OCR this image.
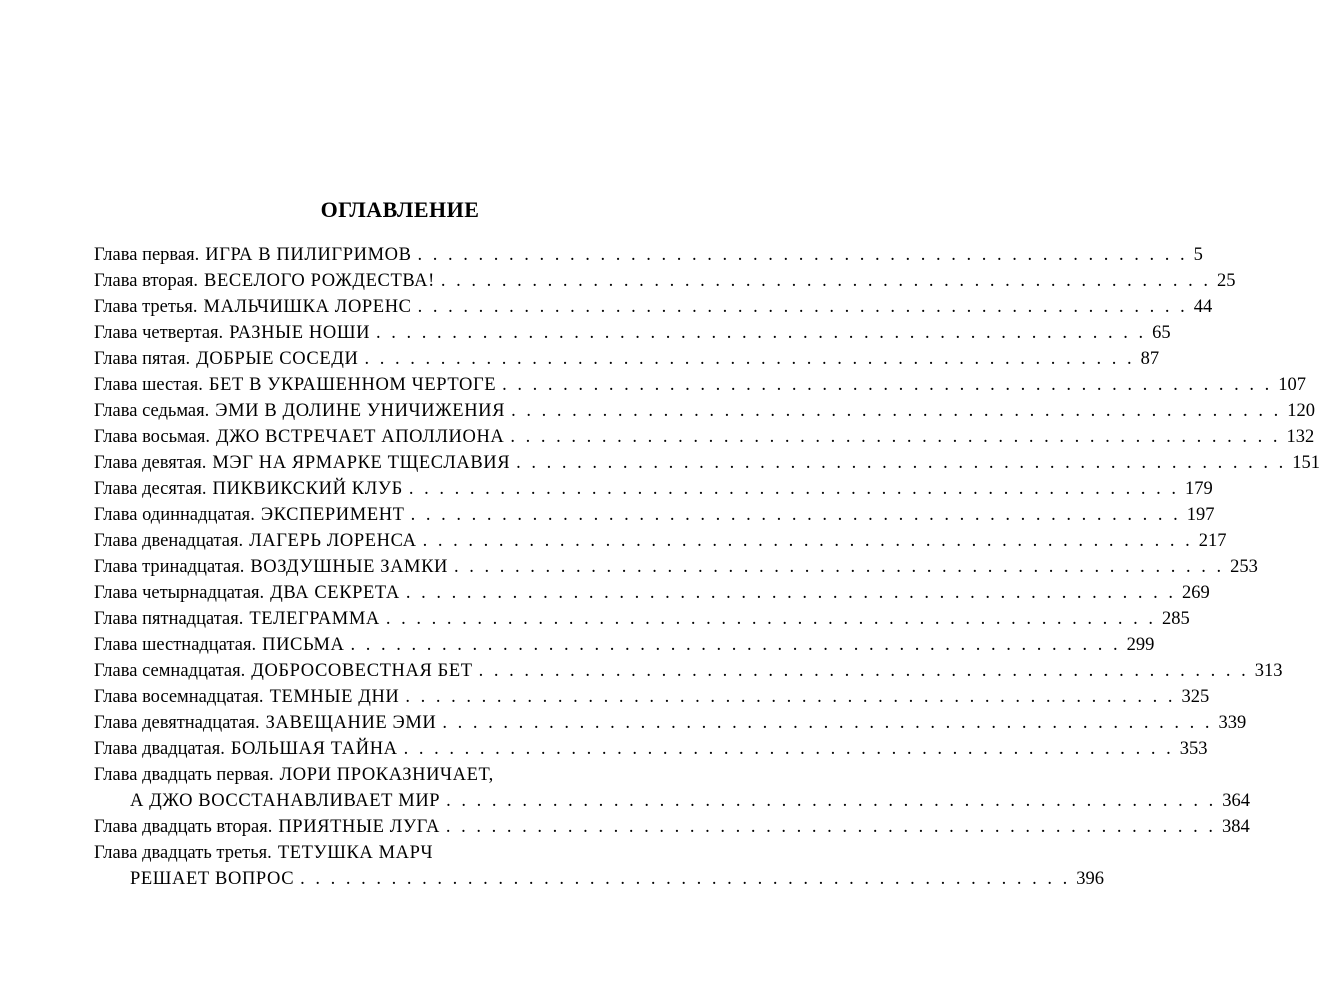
ОГЛАВЛЕНИЕ
Глава первая. ИГРА В ПИЛИГРИМОВ . . . . . . . . . . . . . . . . . . . . . . . . . . . . . . . . . . . . . . . . . . . . . . . . . . . 5
Глава вторая. ВЕСЕЛОГО РОЖДЕСТВА! . . . . . . . . . . . . . . . . . . . . . . . . . . . . . . . . . . . . . . . . . . . . . . . . . . . 25
Глава третья. МАЛЬЧИШКА ЛОРЕНС . . . . . . . . . . . . . . . . . . . . . . . . . . . . . . . . . . . . . . . . . . . . . . . . . . . 44
Глава четвертая. РАЗНЫЕ НОШИ . . . . . . . . . . . . . . . . . . . . . . . . . . . . . . . . . . . . . . . . . . . . . . . . . . . 65
Глава пятая. ДОБРЫЕ СОСЕДИ . . . . . . . . . . . . . . . . . . . . . . . . . . . . . . . . . . . . . . . . . . . . . . . . . . . 87
Глава шестая. БЕТ В УКРАШЕННОМ ЧЕРТОГЕ . . . . . . . . . . . . . . . . . . . . . . . . . . . . . . . . . . . . . . . . . . . . . . . . . . . 107
Глава седьмая. ЭМИ В ДОЛИНЕ УНИЧИЖЕНИЯ . . . . . . . . . . . . . . . . . . . . . . . . . . . . . . . . . . . . . . . . . . . . . . . . . . . 120
Глава восьмая. ДЖО ВСТРЕЧАЕТ АПОЛЛИОНА . . . . . . . . . . . . . . . . . . . . . . . . . . . . . . . . . . . . . . . . . . . . . . . . . . . 132
Глава девятая. МЭГ НА ЯРМАРКЕ ТЩЕСЛАВИЯ . . . . . . . . . . . . . . . . . . . . . . . . . . . . . . . . . . . . . . . . . . . . . . . . . . . 151
Глава десятая. ПИКВИКСКИЙ КЛУБ . . . . . . . . . . . . . . . . . . . . . . . . . . . . . . . . . . . . . . . . . . . . . . . . . . . 179
Глава одиннадцатая. ЭКСПЕРИМЕНТ . . . . . . . . . . . . . . . . . . . . . . . . . . . . . . . . . . . . . . . . . . . . . . . . . . . 197
Глава двенадцатая. ЛАГЕРЬ ЛОРЕНСА . . . . . . . . . . . . . . . . . . . . . . . . . . . . . . . . . . . . . . . . . . . . . . . . . . . 217
Глава тринадцатая. ВОЗДУШНЫЕ ЗАМКИ . . . . . . . . . . . . . . . . . . . . . . . . . . . . . . . . . . . . . . . . . . . . . . . . . . . 253
Глава четырнадцатая. ДВА СЕКРЕТА . . . . . . . . . . . . . . . . . . . . . . . . . . . . . . . . . . . . . . . . . . . . . . . . . . . 269
Глава пятнадцатая. ТЕЛЕГРАММА . . . . . . . . . . . . . . . . . . . . . . . . . . . . . . . . . . . . . . . . . . . . . . . . . . . 285
Глава шестнадцатая. ПИСЬМА . . . . . . . . . . . . . . . . . . . . . . . . . . . . . . . . . . . . . . . . . . . . . . . . . . . 299
Глава семнадцатая. ДОБРОСОВЕСТНАЯ БЕТ . . . . . . . . . . . . . . . . . . . . . . . . . . . . . . . . . . . . . . . . . . . . . . . . . . . 313
Глава восемнадцатая. ТЕМНЫЕ ДНИ . . . . . . . . . . . . . . . . . . . . . . . . . . . . . . . . . . . . . . . . . . . . . . . . . . . 325
Глава девятнадцатая. ЗАВЕЩАНИЕ ЭМИ . . . . . . . . . . . . . . . . . . . . . . . . . . . . . . . . . . . . . . . . . . . . . . . . . . . 339
Глава двадцатая. БОЛЬШАЯ ТАЙНА . . . . . . . . . . . . . . . . . . . . . . . . . . . . . . . . . . . . . . . . . . . . . . . . . . . 353
Глава двадцать первая. ЛОРИ ПРОКАЗНИЧАЕТ,
А ДЖО ВОССТАНАВЛИВАЕТ МИР . . . . . . . . . . . . . . . . . . . . . . . . . . . . . . . . . . . . . . . . . . . . . . . . . . . 364
Глава двадцать вторая. ПРИЯТНЫЕ ЛУГА . . . . . . . . . . . . . . . . . . . . . . . . . . . . . . . . . . . . . . . . . . . . . . . . . . . 384
Глава двадцать третья. ТЕТУШКА МАРЧ
РЕШАЕТ ВОПРОС . . . . . . . . . . . . . . . . . . . . . . . . . . . . . . . . . . . . . . . . . . . . . . . . . . . 396
